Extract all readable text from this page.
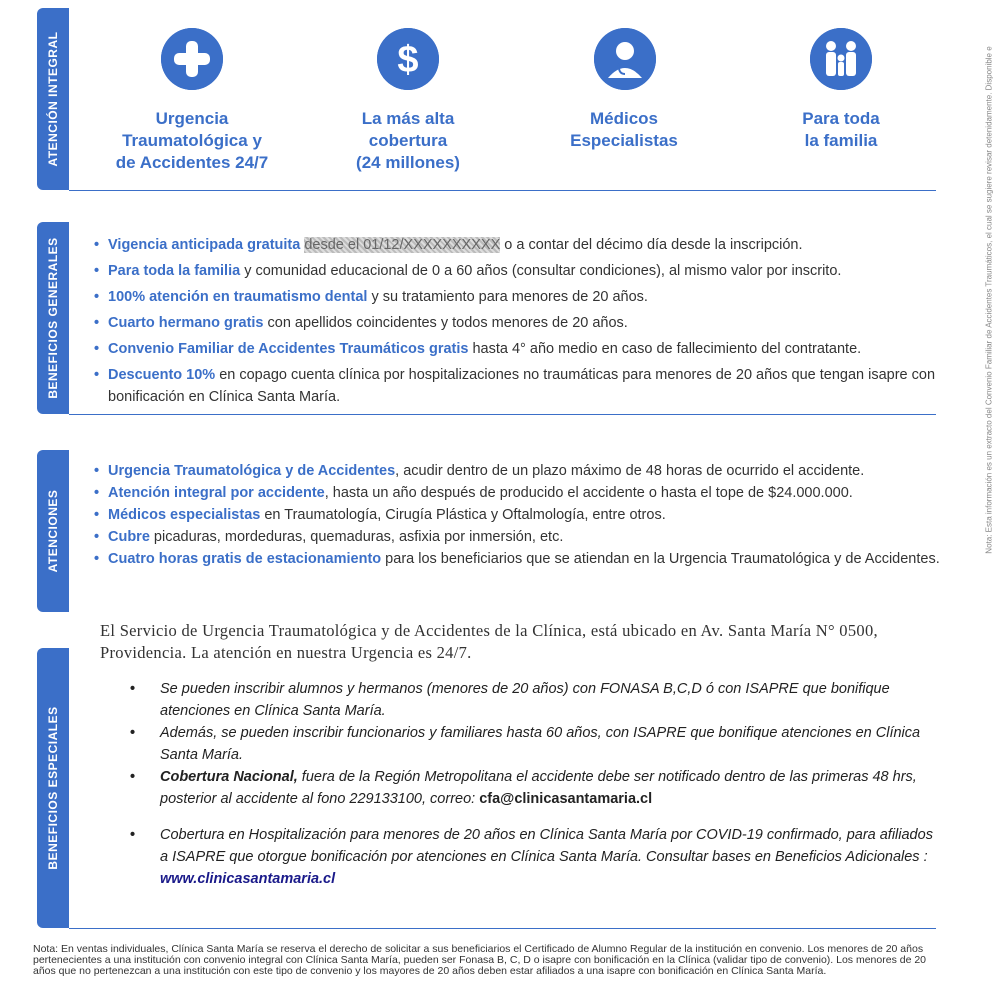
Nota: Esta información es un extracto del Convenio Familiar de Accidentes Traumáticos, el cual se sugiere revisar detenidamente. Disponible e
ATENCIÓN INTEGRAL	$
Urgencia
Traumatológica y
de Accidentes 24/7
La más alta
cobertura
(24 millones)
Médicos
Especialistas
Para toda
la familia
BENEFICIOS GENERALES

•	Vigencia anticipada gratuita desde el 01/12/XXXXXXXXXX o a contar del décimo día desde la inscripción.

• Para toda la familia y comunidad educacional de 0 a 60 años (consultar condiciones), al mismo valor por inscrito.

• 100% atención en traumatismo dental y su tratamiento para menores de 20 años.

• Cuarto hermano gratis con apellidos coincidentes y todos menores de 20 años.

• Convenio Familiar de Accidentes Traumáticos gratis hasta 4° año medio en caso de fallecimiento del contratante.

• Descuento 10% en copago cuenta clínica por hospitalizaciones no traumáticas para menores de 20 años que tengan isapre con bonificación en Clínica Santa María.

ATENCIONES

• Urgencia Traumatológica y de Accidentes, acudir dentro de un plazo máximo de 48 horas de ocurrido el accidente.

• Atención integral por accidente, hasta un año después de producido el accidente o hasta el tope de $24.000.000.

• Médicos especialistas en Traumatología, Cirugía Plástica y Oftalmología, entre otros.

• Cubre picaduras, mordeduras, quemaduras, asfixia por inmersión, etc.

• Cuatro horas gratis de estacionamiento para los beneficiarios que se atiendan en la Urgencia Traumatológica y de Accidentes.

El Servicio de Urgencia Traumatológica y de Accidentes de la Clínica, está ubicado en Av. Santa María N° 0500, Providencia. La atención en nuestra Urgencia es 24/7.
BENEFICIOS ESPECIALES
• Se pueden inscribir alumnos y hermanos (menores de 20 años) con FONASA B,C,D ó con ISAPRE que bonifique atenciones en Clínica Santa María.
• Además, se pueden inscribir funcionarios y familiares hasta 60 años, con ISAPRE que bonifique atenciones en Clínica Santa María.
• Cobertura Nacional, fuera de la Región Metropolitana el accidente debe ser notificado dentro de las primeras 48 hrs, posterior al accidente al fono 229133100, correo: cfa@clinicasantamaria.cl
• Cobertura en Hospitalización para menores de 20 años en Clínica Santa María por COVID-19 confirmado, para afiliados a ISAPRE que otorgue bonificación por atenciones en Clínica Santa María. Consultar bases en Beneficios Adicionales : www.clinicasantamaria.cl
Nota: En ventas individuales, Clínica Santa María se reserva el derecho de solicitar a sus beneficiarios el Certificado de Alumno Regular de la institución en convenio. Los menores de 20 años pertenecientes a una institución con convenio integral con Clínica Santa María, pueden ser Fonasa B, C, D o isapre con bonificación en la Clínica (validar tipo de convenio). Los menores de 20 años que no pertenezcan a una institución con este tipo de convenio y los mayores de 20 años deben estar afiliados a una isapre con bonificación en Clínica Santa María.
